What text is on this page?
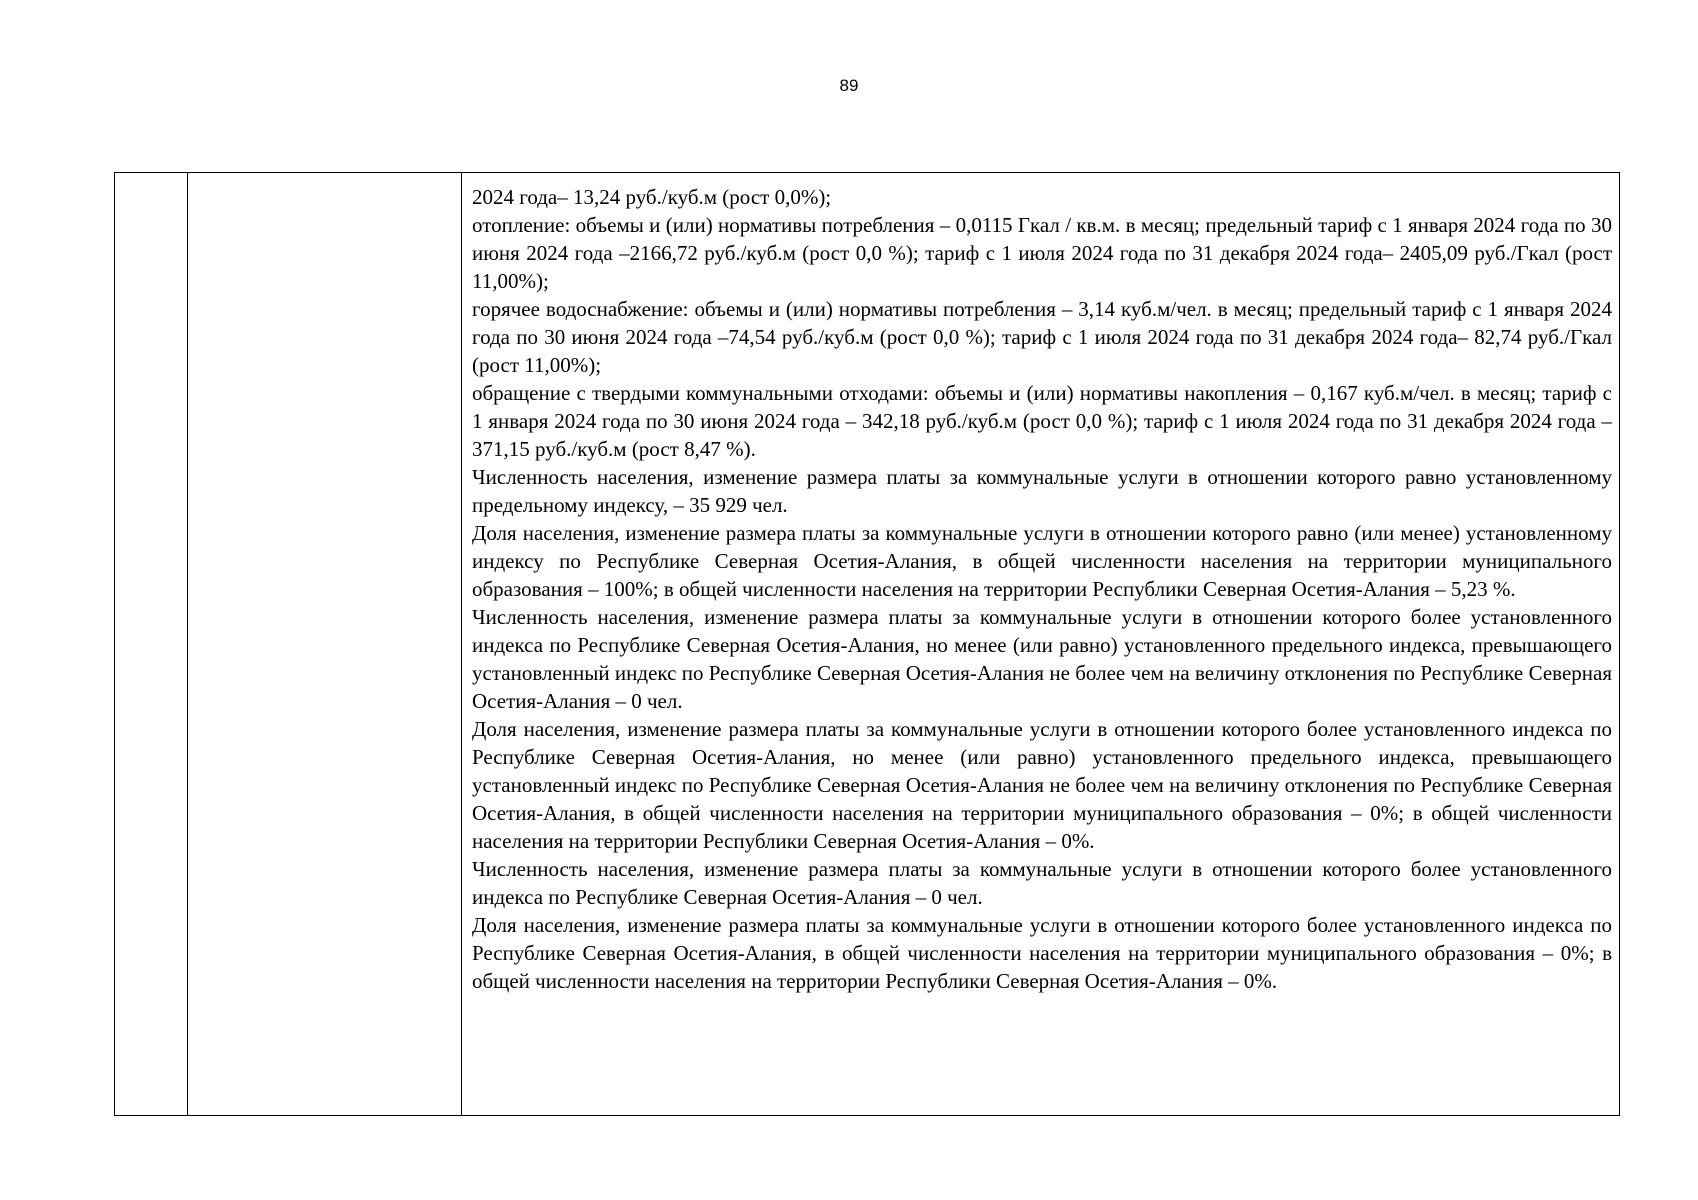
89

2024 года– 13,24 руб./куб.м (рост 0,0%);

отопление: объемы и (или) нормативы потребления – 0,0115 Гкал / кв.м. в месяц; предельный тариф с 1 января 2024 года по 30 июня 2024 года –2166,72 руб./куб.м (рост 0,0 %); тариф с 1 июля 2024 года по 31 декабря 2024 года– 2405,09 руб./Гкал (рост 11,00%);

горячее водоснабжение: объемы и (или) нормативы потребления – 3,14 куб.м/чел. в месяц; предельный тариф с 1 января 2024 года по 30 июня 2024 года –74,54 руб./куб.м (рост 0,0 %); тариф с 1 июля 2024 года по 31 декабря 2024 года– 82,74 руб./Гкал (рост 11,00%);

обращение с твердыми коммунальными отходами: объемы и (или) нормативы накопления – 0,167 куб.м/чел. в месяц; тариф с 1 января 2024 года по 30 июня 2024 года – 342,18 руб./куб.м (рост 0,0 %); тариф с 1 июля 2024 года по 31 декабря 2024 года –371,15 руб./куб.м (рост 8,47 %).

Численность населения, изменение размера платы за коммунальные услуги в отношении которого равно установленному предельному индексу, – 35 929 чел.

Доля населения, изменение размера платы за коммунальные услуги в отношении которого равно (или менее) установленному индексу по Республике Северная Осетия-Алания, в общей численности населения на территории муниципального образования – 100%; в общей численности населения на территории Республики Северная Осетия-Алания – 5,23 %.

Численность населения, изменение размера платы за коммунальные услуги в отношении которого более установленного индекса по Республике Северная Осетия-Алания, но менее (или равно) установленного предельного индекса, превышающего установленный индекс по Республике Северная Осетия-Алания не более чем на величину отклонения по Республике Северная Осетия-Алания – 0 чел.

Доля населения, изменение размера платы за коммунальные услуги в отношении которого более установленного индекса по Республике Северная Осетия-Алания, но менее (или равно) установленного предельного индекса, превышающего установленный индекс по Республике Северная Осетия-Алания не более чем на величину отклонения по Республике Северная Осетия-Алания, в общей численности населения на территории муниципального образования – 0%; в общей численности населения на территории Республики Северная Осетия-Алания – 0%.

Численность населения, изменение размера платы за коммунальные услуги в отношении которого более установленного индекса по Республике Северная Осетия-Алания – 0 чел.

Доля населения, изменение размера платы за коммунальные услуги в отношении которого более установленного индекса по Республике Северная Осетия-Алания, в общей численности населения на территории муниципального образования – 0%; в общей численности населения на территории Республики Северная Осетия-Алания – 0%.
